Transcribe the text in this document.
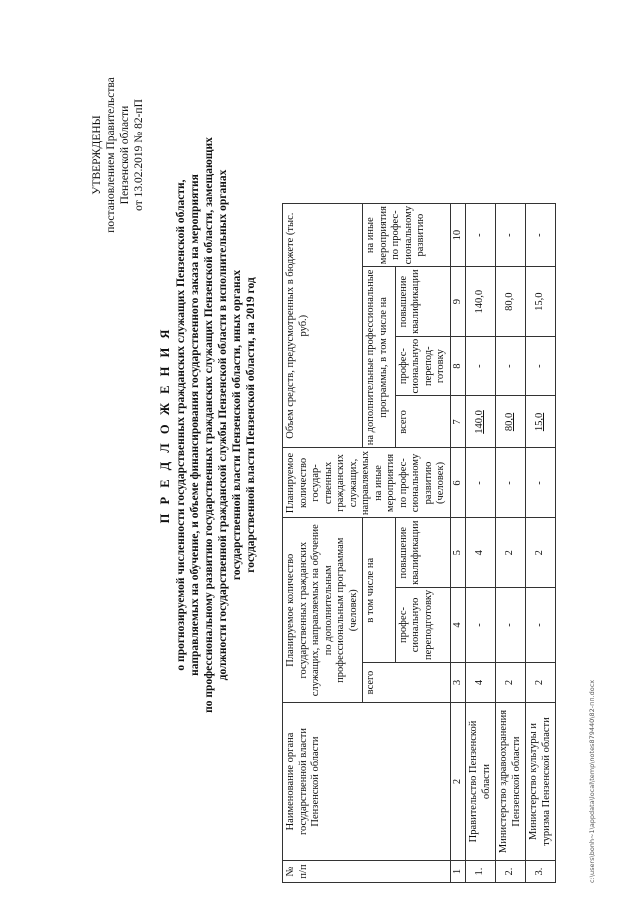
УТВЕРЖДЕНЫ постановлением Правительства Пензенской области от 13.02.2019 № 82-пП
П Р Е Д Л О Ж Е Н И Я о прогнозируемой численности государственных гражданских служащих Пензенской области, направляемых на обучение, и объеме финансирования государственного заказа на мероприятия по профессиональному развитию государственных гражданских служащих Пензенской области, замещающих должности государственной гражданской службы Пензенской области в исполнительных органах государственной власти Пензенской области, иных органах государственной власти Пензенской области, на 2019 год
№ п/п	Наименование органа государственной власти Пензенской области	Планируемое количество государственных гражданских служащих, направляемых на обучение по дополнительным профессиональным программам (человек)			Планируемое количество государ-ственных гражданских служащих, направляемых на иные мероприятия по профес-сиональному развитию (человек)	Объем средств, предусмотренных в бюджете (тыс. руб.)				
		всего	в том числе на			на дополнительные профессиональные программы, в том числе на			на иные мероприятия по профес-сиональному развитию	
			профес-сиональную переподготовку	повышение квалификации		всего	профес-сиональную перепод-готовку	повышение квалификации		
1	2	3	4	5	6	7	8	9	10	
1.	Правительство Пензенской области	4	-	4	-	140,0	-	140,0	-	
2.	Министерство здравоохранения Пензенской области	2	-	2	-	80,0	-	80,0	-	
3.	Министерство культуры и туризма Пензенской области	2	-	2	-	15,0	-	15,0	-	
c:\users\bonh~1\appdata\local\temp\notes879440\82-пп.docx
